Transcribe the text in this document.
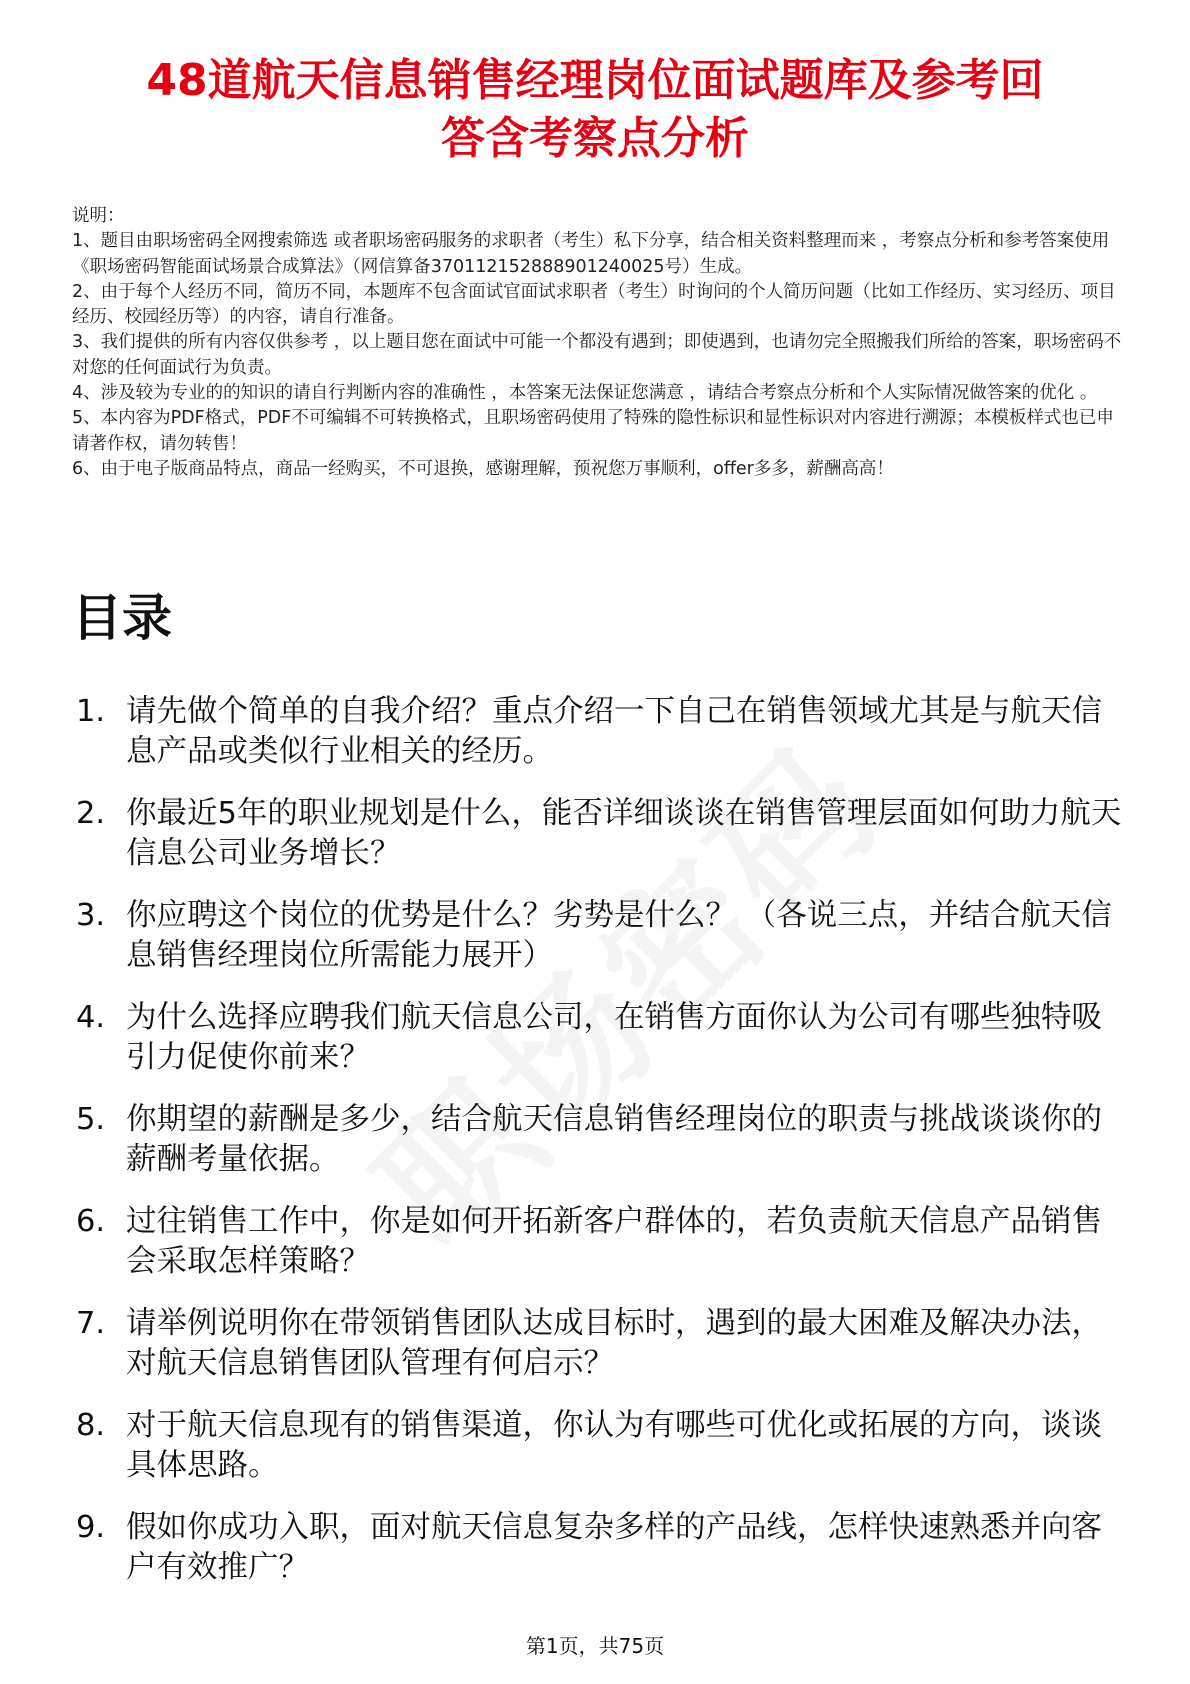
48道航天信息销售经理岗位面试题库及参考回
答含考察点分析
说明：
1、题目由职场密码全网搜索筛选 或者职场密码服务的求职者（考生）私下分享，结合相关资料整理而来 ，考察点分析和参考答案使用《职场密码智能面试场景合成算法》（网信算备370112152888901240025号）生成。
2、由于每个人经历不同，简历不同，本题库不包含面试官面试求职者（考生）时询问的个人简历问题（比如工作经历、实习经历、项目经历、校园经历等）的内容，请自行准备。
3、我们提供的所有内容仅供参考 ，以上题目您在面试中可能一个都没有遇到；即使遇到，也请勿完全照搬我们所给的答案，职场密码不对您的任何面试行为负责。
4、涉及较为专业的的知识的请自行判断内容的准确性 ，本答案无法保证您满意 ，请结合考察点分析和个人实际情况做答案的优化 。
5、本内容为PDF格式，PDF不可编辑不可转换格式，且职场密码使用了特殊的隐性标识和显性标识对内容进行溯源；本模板样式也已申请著作权，请勿转售！
6、由于电子版商品特点，商品一经购买，不可退换，感谢理解，预祝您万事顺利，offer多多，薪酬高高！
目录
1. 请先做个简单的自我介绍？重点介绍一下自己在销售领域尤其是与航天信息产品或类似行业相关的经历。
2. 你最近5年的职业规划是什么，能否详细谈谈在销售管理层面如何助力航天信息公司业务增长？
3. 你应聘这个岗位的优势是什么？劣势是什么？ （各说三点，并结合航天信息销售经理岗位所需能力展开）
4. 为什么选择应聘我们航天信息公司，在销售方面你认为公司有哪些独特吸引力促使你前来？
5. 你期望的薪酬是多少，结合航天信息销售经理岗位的职责与挑战谈谈你的薪酬考量依据。
6. 过往销售工作中，你是如何开拓新客户群体的，若负责航天信息产品销售会采取怎样策略？
7. 请举例说明你在带领销售团队达成目标时，遇到的最大困难及解决办法，对航天信息销售团队管理有何启示？
8. 对于航天信息现有的销售渠道，你认为有哪些可优化或拓展的方向，谈谈具体思路。
9. 假如你成功入职，面对航天信息复杂多样的产品线，怎样快速熟悉并向客户有效推广？
第1页，共75页
